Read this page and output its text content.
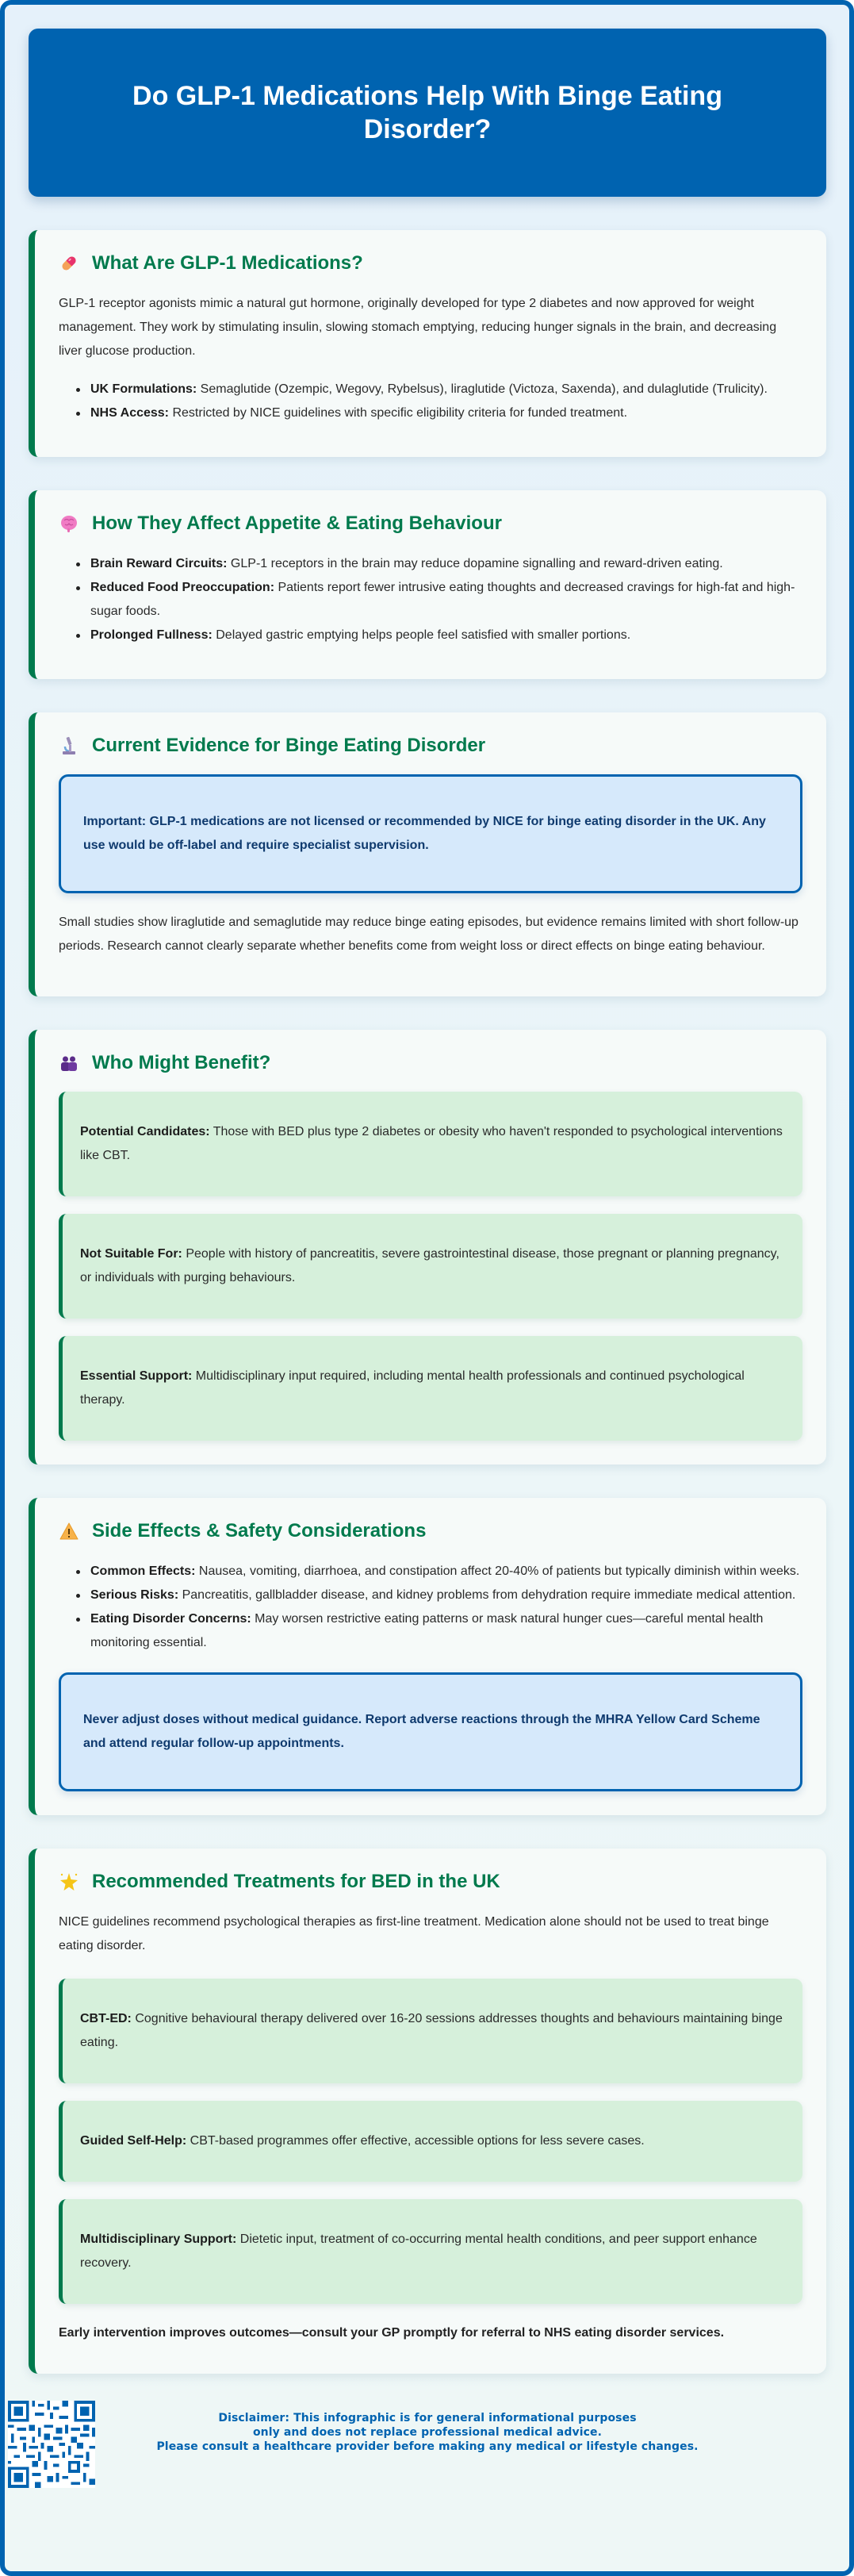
Do GLP-1 Medications Help With Binge Eating Disorder?
What Are GLP-1 Medications?

GLP-1 receptor agonists mimic a natural gut hormone, originally developed for type 2 diabetes and now approved for weight management. They work by stimulating insulin, slowing stomach emptying, reducing hunger signals in the brain, and decreasing liver glucose production.

UK Formulations: Semaglutide (Ozempic, Wegovy, Rybelsus), liraglutide (Victoza, Saxenda), and dulaglutide (Trulicity).
NHS Access: Restricted by NICE guidelines with specific eligibility criteria for funded treatment.
How They Affect Appetite & Eating Behaviour
Brain Reward Circuits: GLP-1 receptors in the brain may reduce dopamine signalling and reward-driven eating.
Reduced Food Preoccupation: Patients report fewer intrusive eating thoughts and decreased cravings for high-fat and high-sugar foods.
Prolonged Fullness: Delayed gastric emptying helps people feel satisfied with smaller portions.
Current Evidence for Binge Eating Disorder

Important: GLP-1 medications are not licensed or recommended by NICE for binge eating disorder in the UK. Any use would be off-label and require specialist supervision.

Small studies show liraglutide and semaglutide may reduce binge eating episodes, but evidence remains limited with short follow-up periods. Research cannot clearly separate whether benefits come from weight loss or direct effects on binge eating behaviour.

Who Might Benefit?

Potential Candidates: Those with BED plus type 2 diabetes or obesity who haven't responded to psychological interventions like CBT.

Not Suitable For: People with history of pancreatitis, severe gastrointestinal disease, those pregnant or planning pregnancy, or individuals with purging behaviours.

Essential Support: Multidisciplinary input required, including mental health professionals and continued psychological therapy.

Side Effects & Safety Considerations
Common Effects: Nausea, vomiting, diarrhoea, and constipation affect 20-40% of patients but typically diminish within weeks.
Serious Risks: Pancreatitis, gallbladder disease, and kidney problems from dehydration require immediate medical attention.
Eating Disorder Concerns: May worsen restrictive eating patterns or mask natural hunger cues—careful mental health monitoring essential.

Never adjust doses without medical guidance. Report adverse reactions through the MHRA Yellow Card Scheme and attend regular follow-up appointments.

Recommended Treatments for BED in the UK

NICE guidelines recommend psychological therapies as first-line treatment. Medication alone should not be used to treat binge eating disorder.

CBT-ED: Cognitive behavioural therapy delivered over 16-20 sessions addresses thoughts and behaviours maintaining binge eating.

Guided Self-Help: CBT-based programmes offer effective, accessible options for less severe cases.

Multidisciplinary Support: Dietetic input, treatment of co-occurring mental health conditions, and peer support enhance recovery.

Early intervention improves outcomes—consult your GP promptly for referral to NHS eating disorder services.

Disclaimer: This infographic is for general informational purposes
only and does not replace professional medical advice.
Please consult a healthcare provider before making any medical or lifestyle changes.
